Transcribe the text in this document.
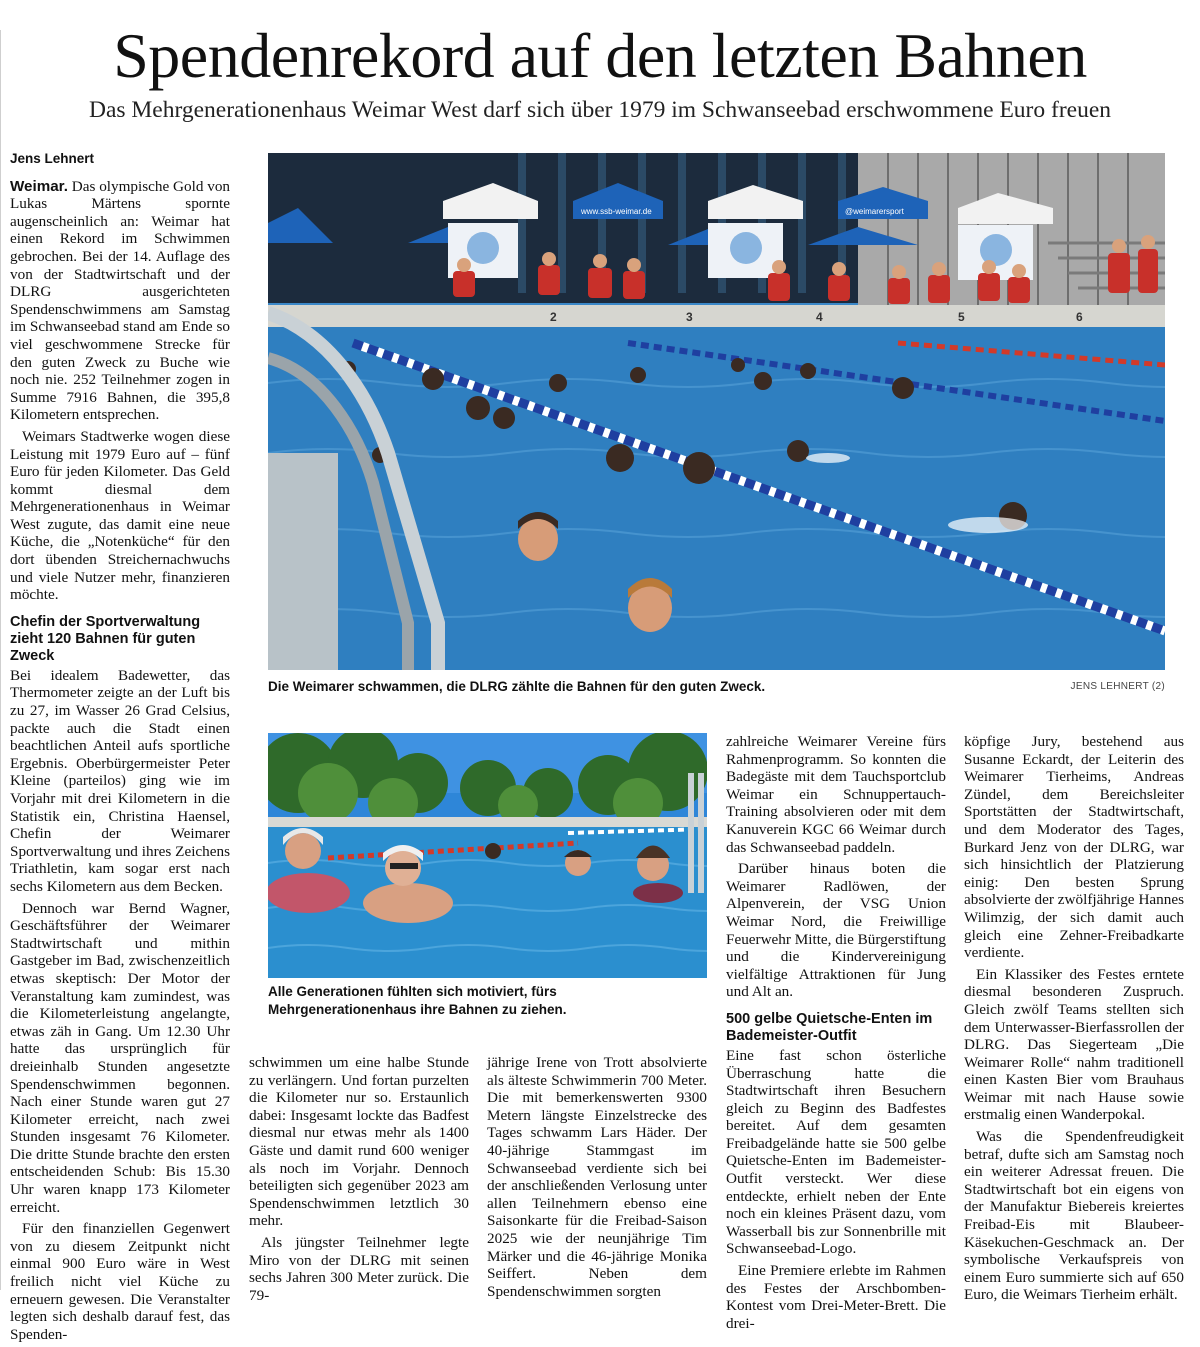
Spendenrekord auf den letzten Bahnen

Das Mehrgenerationenhaus Weimar West darf sich über 1979 im Schwanseebad erschwommene Euro freuen

Jens Lehnert

Weimar. Das olympische Gold von Lukas Märtens spornte augenscheinlich an: Weimar hat einen Rekord im Schwimmen gebrochen. Bei der 14. Auflage des von der Stadtwirtschaft und der DLRG ausgerichteten Spendenschwimmens am Samstag im Schwanseebad stand am Ende so viel geschwommene Strecke für den guten Zweck zu Buche wie noch nie. 252 Teilnehmer zogen in Summe 7916 Bahnen, die 395,8 Kilometern entsprechen.

Weimars Stadtwerke wogen diese Leistung mit 1979 Euro auf – fünf Euro für jeden Kilometer. Das Geld kommt diesmal dem Mehrgenerationenhaus in Weimar West zugute, das damit eine neue Küche, die „Notenküche“ für den dort übenden Streichernachwuchs und viele Nutzer mehr, finanzieren möchte.

Chefin der Sportverwaltung zieht 120 Bahnen für guten Zweck

Bei idealem Badewetter, das Thermometer zeigte an der Luft bis zu 27, im Wasser 26 Grad Celsius, packte auch die Stadt einen beachtlichen Anteil aufs sportliche Ergebnis. Oberbürgermeister Peter Kleine (parteilos) ging wie im Vorjahr mit drei Kilometern in die Statistik ein, Christina Haensel, Chefin der Weimarer Sportverwaltung und ihres Zeichens Triathletin, kam sogar erst nach sechs Kilometern aus dem Becken.

Dennoch war Bernd Wagner, Geschäftsführer der Weimarer Stadtwirtschaft und mithin Gastgeber im Bad, zwischenzeitlich etwas skeptisch: Der Motor der Veranstaltung kam zumindest, was die Kilometerleistung angelangte, etwas zäh in Gang. Um 12.30 Uhr hatte das ursprünglich für dreieinhalb Stunden angesetzte Spendenschwimmen begonnen. Nach einer Stunde waren gut 27 Kilometer erreicht, nach zwei Stunden insgesamt 76 Kilometer. Die dritte Stunde brachte den ersten entscheidenden Schub: Bis 15.30 Uhr waren knapp 173 Kilometer erreicht.

Für den finanziellen Gegenwert von zu diesem Zeitpunkt nicht einmal 900 Euro wäre in West freilich nicht viel Küche zu erneuern gewesen. Die Veranstalter legten sich deshalb darauf fest, das Spenden-

www.ssb-weimar.de	@weimarersport
2	3	4	5	6
Die Weimarer schwammen, die DLRG zählte die Bahnen für den guten Zweck.	JENS LEHNERT (2)
Alle Generationen fühlten sich motiviert, fürs Mehrgenerationenhaus ihre Bahnen zu ziehen.

schwimmen um eine halbe Stunde zu verlängern. Und fortan purzelten die Kilometer nur so. Erstaunlich dabei: Insgesamt lockte das Badfest diesmal nur etwas mehr als 1400 Gäste und damit rund 600 weniger als noch im Vorjahr. Dennoch beteiligten sich gegenüber 2023 am Spendenschwimmen letztlich 30 mehr.

Als jüngster Teilnehmer legte Miro von der DLRG mit seinen sechs Jahren 300 Meter zurück. Die 79-

jährige Irene von Trott absolvierte als älteste Schwimmerin 700 Meter. Die mit bemerkenswerten 9300 Metern längste Einzelstrecke des Tages schwamm Lars Häder. Der 40-jährige Stammgast im Schwanseebad verdiente sich bei der anschließenden Verlosung unter allen Teilnehmern ebenso eine Saisonkarte für die Freibad-Saison 2025 wie der neunjährige Tim Märker und die 46-jährige Monika Seiffert. Neben dem Spendenschwimmen sorgten

zahlreiche Weimarer Vereine fürs Rahmenprogramm. So konnten die Badegäste mit dem Tauchsportclub Weimar ein Schnuppertauch-Training absolvieren oder mit dem Kanuverein KGC 66 Weimar durch das Schwanseebad paddeln.

Darüber hinaus boten die Weimarer Radlöwen, der Alpenverein, der VSG Union Weimar Nord, die Freiwillige Feuerwehr Mitte, die Bürgerstiftung und die Kindervereinigung vielfältige Attraktionen für Jung und Alt an.

500 gelbe Quietsche-Enten im Bademeister-Outfit

Eine fast schon österliche Überraschung hatte die Stadtwirtschaft ihren Besuchern gleich zu Beginn des Badfestes bereitet. Auf dem gesamten Freibadgelände hatte sie 500 gelbe Quietsche-Enten im Bademeister-Outfit versteckt. Wer diese entdeckte, erhielt neben der Ente noch ein kleines Präsent dazu, vom Wasserball bis zur Sonnenbrille mit Schwanseebad-Logo.

Eine Premiere erlebte im Rahmen des Festes der Arschbomben-Kontest vom Drei-Meter-Brett. Die drei-

köpfige Jury, bestehend aus Susanne Eckardt, der Leiterin des Weimarer Tierheims, Andreas Zündel, dem Bereichsleiter Sportstätten der Stadtwirtschaft, und dem Moderator des Tages, Burkard Jenz von der DLRG, war sich hinsichtlich der Platzierung einig: Den besten Sprung absolvierte der zwölfjährige Hannes Wilimzig, der sich damit auch gleich eine Zehner-Freibadkarte verdiente.

Ein Klassiker des Festes erntete diesmal besonderen Zuspruch. Gleich zwölf Teams stellten sich dem Unterwasser-Bierfassrollen der DLRG. Das Siegerteam „Die Weimarer Rolle“ nahm traditionell einen Kasten Bier vom Brauhaus Weimar mit nach Hause sowie erstmalig einen Wanderpokal.

Was die Spendenfreudigkeit betraf, dufte sich am Samstag noch ein weiterer Adressat freuen. Die Stadtwirtschaft bot ein eigens von der Manufaktur Biebereis kreiertes Freibad-Eis mit Blaubeer-Käsekuchen-Geschmack an. Der symbolische Verkaufspreis von einem Euro summierte sich auf 650 Euro, die Weimars Tierheim erhält.
